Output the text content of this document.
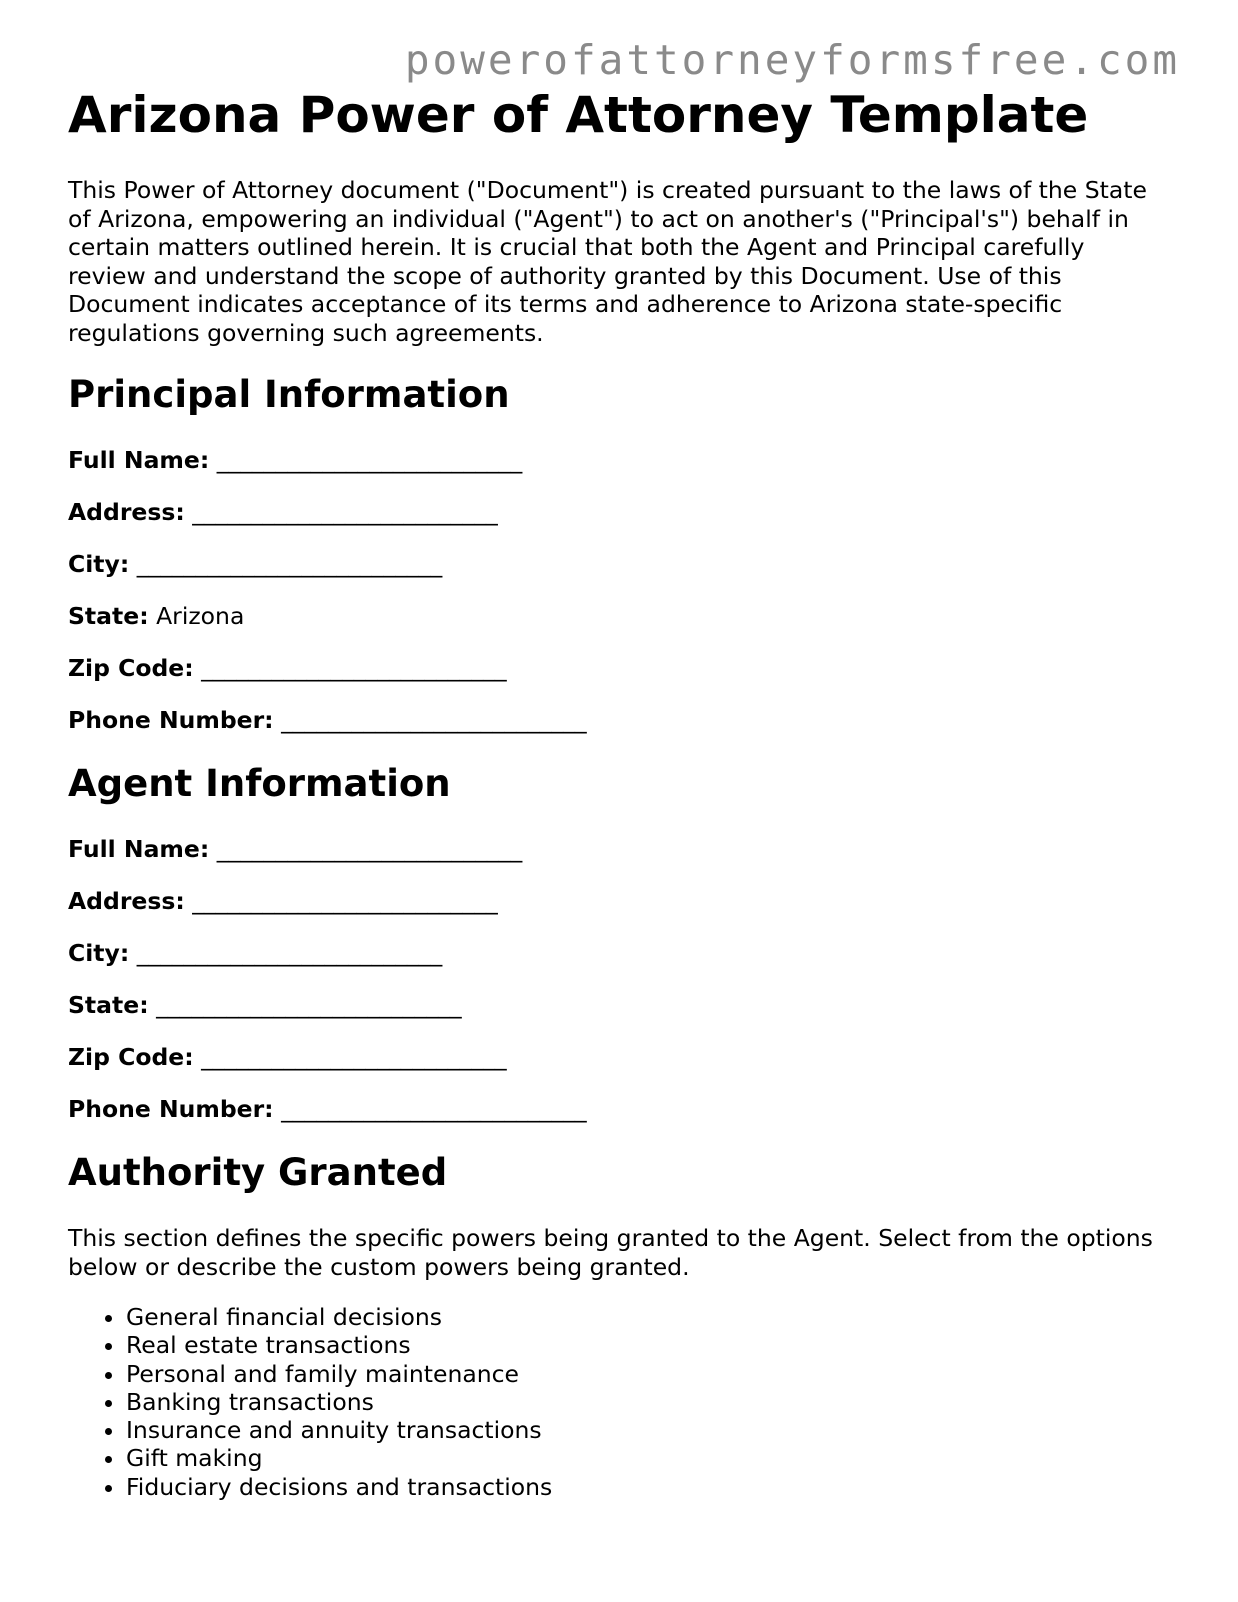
powerofattorneyformsfree.com
Arizona Power of Attorney Template

This Power of Attorney document ("Document") is created pursuant to the laws of the State of Arizona, empowering an individual ("Agent") to act on another's ("Principal's") behalf in certain matters outlined herein. It is crucial that both the Agent and Principal carefully review and understand the scope of authority granted by this Document. Use of this Document indicates acceptance of its terms and adherence to Arizona state-specific regulations governing such agreements.

Principal Information

Full Name: __________________________

Address: __________________________

City: __________________________

State: Arizona

Zip Code: __________________________

Phone Number: __________________________

Agent Information

Full Name: __________________________

Address: __________________________

City: __________________________

State: __________________________

Zip Code: __________________________

Phone Number: __________________________

Authority Granted

This section defines the specific powers being granted to the Agent. Select from the options below or describe the custom powers being granted.

• General financial decisions
• Real estate transactions
• Personal and family maintenance
• Banking transactions
• Insurance and annuity transactions
• Gift making
• Fiduciary decisions and transactions
